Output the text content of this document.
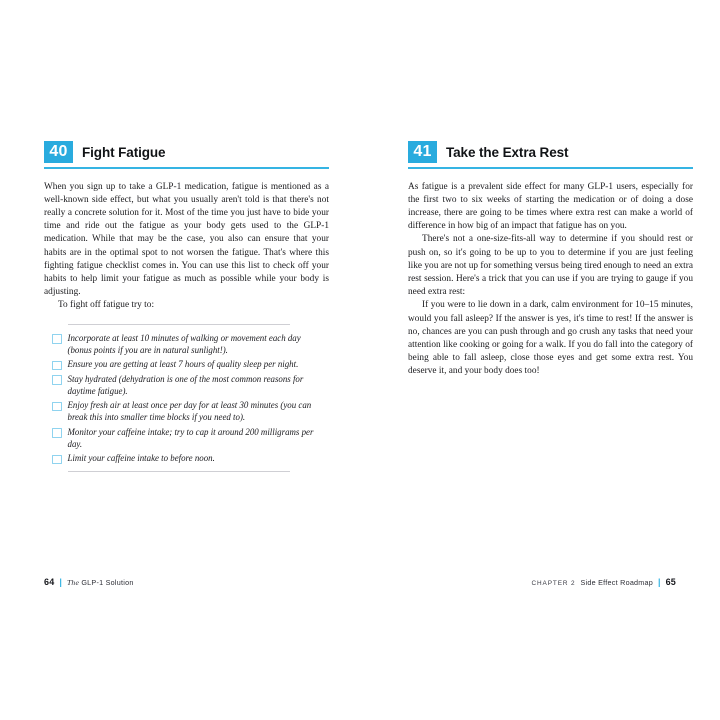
40	Fight Fatigue

When you sign up to take a GLP-1 medication, fatigue is mentioned as a well-known side effect, but what you usually aren't told is that there's not really a concrete solution for it. Most of the time you just have to bide your time and ride out the fatigue as your body gets used to the GLP-1 medication. While that may be the case, you also can ensure that your habits are in the optimal spot to not worsen the fatigue. That's where this fighting fatigue checklist comes in. You can use this list to check off your habits to help limit your fatigue as much as possible while your body is adjusting.

To fight off fatigue try to:

Incorporate at least 10 minutes of walking or movement each day (bonus points if you are in natural sunlight!).
Ensure you are getting at least 7 hours of quality sleep per night.
Stay hydrated (dehydration is one of the most common reasons for daytime fatigue).
Enjoy fresh air at least once per day for at least 30 minutes (you can break this into smaller time blocks if you need to).
Monitor your caffeine intake; try to cap it around 200 milligrams per day.
Limit your caffeine intake to before noon.
41	Take the Extra Rest

As fatigue is a prevalent side effect for many GLP-1 users, especially for the first two to six weeks of starting the medication or of doing a dose increase, there are going to be times where extra rest can make a world of difference in how big of an impact that fatigue has on you.

There's not a one-size-fits-all way to determine if you should rest or push on, so it's going to be up to you to determine if you are just feeling like you are not up for something versus being tired enough to need an extra rest session. Here's a trick that you can use if you are trying to gauge if you need extra rest:

If you were to lie down in a dark, calm environment for 10–15 minutes, would you fall asleep? If the answer is yes, it's time to rest! If the answer is no, chances are you can push through and go crush any tasks that need your attention like cooking or going for a walk. If you do fall into the category of being able to fall asleep, close those eyes and get some extra rest. You deserve it, and your body does too!

64 | The GLP-1 Solution	CHAPTER 2 Side Effect Roadmap | 65
